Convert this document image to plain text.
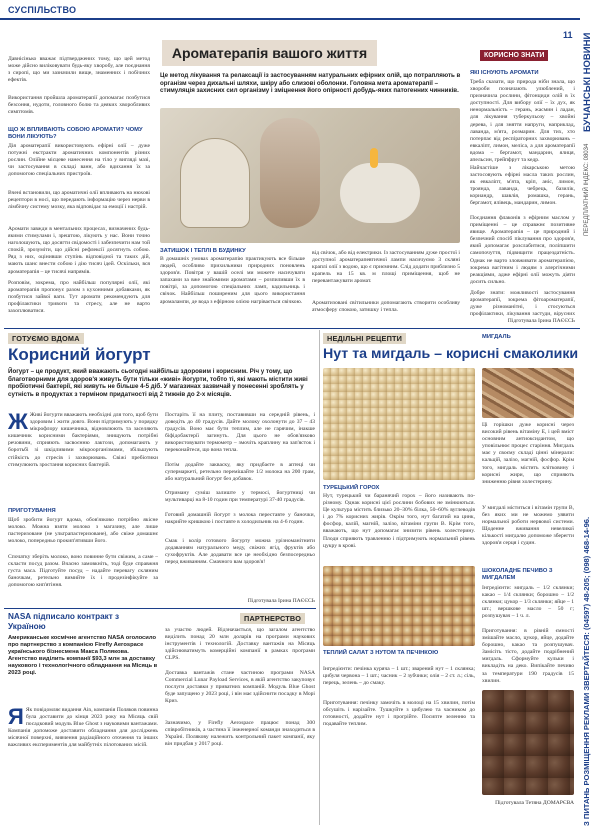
СУСПІЛЬСТВО
11
КОРИСНО ЗНАТИ
Ароматерапія вашого життя
Це метод лікування та релаксації із застосуванням натуральних ефірних олій, що потрапляють в організм через дихальні шляхи, шкіру або слизові оболонки. Головна мета ароматерапії – стимуляція захисних сил організму і зміцнення його опірності добудь-яких патогенних чинників.
Давнісінько вважає підтверджених тому, що цей метод може дійсно виліковувати будь-яку хворобу, але поєднання з сиропі, що ми зазначили вище, знаменних і побічних ефектів.
Використання пройшла ароматерапії допомагає позбутися безсоння, нудоти, головного болю та деяких хворобливих симптомів.
ЩО Ж ВПЛИВАЮТЬ СОБОЮ АРОМАТИ? ЧОМУ ВОНИ ЛІКУЮТЬ?
Дія ароматерапії використовують ефірні олії – дуже потужні екстракти ароматичних компонентів різних рослин. Олійне місцеве нанесення на тіло у вигляді мазі, чи застосування в складі ванн, або вдихання їх за допомогою спеціальних пристроїв.
Вчені встановили, що ароматичні олії впливають на нюхові рецептори в носі, що передають інформацію через нерви в лімбічну систему мозку, яка відповідає за емоції і настрій.
Аромати завжди в ментальних процесах, визначених будь-якими стимулами і, зрештою, лікують у нас. Вони точно наголошують, що досягти свідомості і забезпечити нам той спокій, зрозуміти, що дійсні рефлексії досягнуть собою. Ряд з них, оцінивши ступінь відповідної та таких дій, мають шанс внести собою і дію тисяч ідей. Оскільки, вся ароматерапія – це тисячі напрямів.
Розповім, зокрема, про найбільш популярні олії, які ароматерапія пропонує разом з кухонними добавками, як позбутися зайвої ваги. Тут аромати рекомендують для профілактики тривоги та стресу, але не варто захоплюватися.
ЗАТИШОК І ТЕПЛІ В БУДИНКУ
В домашніх умовах ароматерапію практикують все більше людей, особливо прихильники природних поновлень здоров'я. Повітря у вашій оселі ми можете насичувати запахами за вже знайомими ароматами – розпиливши їх в повітрі, за допомогою спеціальних ламп, кадильниць і свічок. Найбільш поширеним для цього використання аромалампи, де вода з ефірною олією нагрівається свічкою.
від свічок, або від електрики. Із застосуванням дуже простої і доступної ароматерапевтичної лампи насичуємо 3 скляні краплі олії з водою, що є приємним. Слід додати приблизно 5 крапель на 15 кв. м площі приміщення, щоб не перевантажувати аромат.
Ароматизовані світильники допомагають створити особливу атмосферу спокою, затишку і тепла.
ЯКІ ІСНУЮТЬ АРОМАТИ
Треба сказати, що природа ніби знала, що хвороби позначають улюблений, і призначила рослини, фітонциди олій в їх доступності. Для вибору олії – їх дух, як ненормальність – герань, жасмин і ладан, для лікування туберкульозу – хвойні дерева, і для зняття напруги, наприклад, лаванда, м'ята, розмарин. Для тих, хто потерпає від респіраторних захворювань – евкаліпт, лимон, меліса, а для ароматерапії вдома – бергамот, мандарин, ялиця, апельсин, грейпфрут та кедр.
Найчастіше з лікарською метою застосовують ефірні масла таких рослин, як евкаліпт, м'ята, кріп, аніс, лимон, троянда, лаванда, чебрець, базилік, кориандр, шавлія, ромашка, герань, бергамот, ялівець, мандарин, лимон.
Поєднання флаконів з ефірним маслом у приміщенні – це справжнє позитивне явище. Ароматерапія – це природний і безпечний спосіб піклування про здоров'я, який допомагає розслабитися, поліпшити самопочуття, підвищити працездатність. Однак не варто зловживати ароматерапією, зокрема вагітним і людям з алергічними реакціями, адже ефірні олії можуть діяти досить сильно.
Добре знати: можливості застосування ароматерапії, зокрема фітоароматерапії, дуже різноманітні, і стосуються профілактики, лікування застуди, вірусних
Підготувала Ірина ПАЄЄСЬ
ГОТУЄМО ВДОМА
Корисний йогурт
Йогурт – це продукт, який вважають сьогодні найбільш здоровим і корисним. Річ у тому, що благотворними для здоров'я живуть бути тільки «живі» йогурти, тобто ті, які мають містити живі пробіотичні бактерії, які живуть не більше 4-5 діб. У магазинах зазвичай у понесенні зроблять у сутність в продуктах з терміном придатності від 2 тижнів до 2-х місяців.
Ж Живі йогурти вважають необхідні для того, щоб бути здоровим і жити довго. Вони підтримують у порядку мікрофлору кишечника, відновлюють та заселяють кишечник корисними бактеріями, знищують потрібні речовини, сприяють засвоєнню лактози, допомагають у боротьбі зі шкідливими мікроорганізмами, збільшують стійкість до стресів і захворювань. Свіжі пребіотики стимулюють зростання корисних бактерій.
ПРИГОТУВАННЯ
Щоб зробити йогурт вдома, обов'язково потрібно якісне молоко. Можна взяти молоко з магазину, але лише пастеризоване (не ультрапастеризоване), або свіже домашнє молоко, попередньо прокип'ятивши його.
Спочатку зберіть молоко, воно повинне бути свіжим, а саме – скласти посуд разом. Вчасно замовкніть, тоді буде справжня густа маса. Підготуйте посуд – надайте перевагу скляним баночкам, ретельно вимийте їх і продезінфікуйте за допомогою кип'ятіння.
Постаріть її на плиту, поставивши на середній рівень, і доведіть до 40 градусів. Дайте молоку охолонути до 37 – 43 градусів. Воно має бути теплим, але не гарячим, інакше біфідобактерії загинуть. Для цього не обов'язково використовувати термометр – змочіть краплину на зап'ясток і переконайтеся, що вона тепла.
Потім додайте закваску, яку придбаєте в аптеці чи супермаркеті, ретельно перемішайте 1/2 молока на 200 грам, або натуральний йогурт без добавок.
Отриману суміш залиште у термосі, йогуртниці чи мультиварці на 8-10 годин при температурі 37-40 градусів.
Готовий домашній йогурт з молока переставте у баночки, накрийте кришкою і поставте в холодильник на 4-6 годин.
Смак і колір готового йогурту можна урізноманітнити додаванням натурального меду, свіжих ягід, фруктів або сухофруктів. Але додавати все це необхідно безпосередньо перед вживанням. Смачного вам здоров'я!
Підготувала Ірина ПАЄЄСЬ
NASA підписало контракт з Україною
ПАРТНЕРСТВО
Американське космічне агентство NASA оголосило про партнерство з компанією Firefly Aerospace українського бізнесмена Макса Полякова. Агентство виділить компанії $93,3 млн за доставку наукового і технологічного обладнання на Місяць в 2023 році.
Я Як повідомляє видання Ain, компанія Поляков повинна була доставити до кінця 2023 року на Місяць свій посадковий модуль Blue Ghost з науковими вантажами. Компанія допоможе доставити обладнання для досліджень місячної поверхні, вивчення радіаційного оточення та інших важливих експериментів для майбутніх пілотованих місій.
за участю людей. Відзначається, що загалом агентство виділить понад 20 млн доларів на програми наукових інструментів і технологій. Доставку вантажів на Місяць здійснюватимуть комерційні компанії в рамках програми CLPS.
Доставка вантажів стане частиною програми NASA Commercial Lunar Payload Services, в якій агентство закуповує послуги доставки у приватних компаній. Модуль Blue Ghost буде запущено у 2023 році, і він має здійснити посадку в Морі Криз.
Зазначимо, у Firefly Aerospace працює понад 300 співробітників, а частина її інженерної команди знаходиться в Україні. Полякову належить контрольний пакет компанії, яку він придбав у 2017 році.
НЕДІЛЬНІ РЕЦЕПТИ
Нут та мигдаль – корисні смаколики
ТУРЕЦЬКИЙ ГОРОХ
Нут, турецький чи баранячий горох – його називають по-різному. Однак корисні цієї рослини бобових не змінюються. Це культура містить близько 20–30% білка, 50–60% вуглеводів і до 7% корисних жирів. Окрім того, нут багатий на цинк, фосфор, калій, магній, залізо, вітаміни групи B. Крім того, вважають, що нут допомагає знизити рівень холестерину. Плоди сприяють травленню і підтримують нормальний рівень цукру в крові.
ТЕПЛИЙ САЛАТ З НУТОМ ТА ПЕЧІНКОЮ
Інгредієнти: печінка куряча – 1 шт.; зварений нут – 1 склянка; цибуля червона – 1 шт.; часник – 2 зубчики; олія – 2 ст. л.; сіль, перець, зелень – до смаку.
Приготування: печінку замочіть в молоці на 15 хвилин, потім обсушіть і нарізайте. Тушкуйте з цибулею та часником до готовності, додайте нут і прогрійте. Посипте зеленню та подавайте теплим.
МИГДАЛЬ
Ці горішки дуже корисні через високий рівень вітаміну E, і цей вміст основним антиоксидантом, що уповільнює процес старіння. Мигдаль має у своєму складі цінні мінерали: кальцій, залізо, магній, фосфор. Крім того, мигдаль містить клітковину і корисні жири, що сприяють зниженню рівня холестерину.
У мигдалі міститься і вітамін групи B, без яких ми не можемо уявити нормальної роботи нервової системи. Щоденне вживання невеликої кількості мигдалю допоможе зберегти здоров'я серця і судин.
ШОКОЛАДНЕ ПЕЧИВО З МИГДАЛЕМ
Інгредієнти: мигдаль – 1/2 склянки; какао – 1/4 склянки; борошно – 1/2 склянки; цукор – 1/3 склянки; яйце – 1 шт.; вершкове масло – 50 г; розпушувач – 1 ч. л.
Приготування: в рівній ємності змішайте масло, цукор, яйце, додайте борошно, какао та розпушувач. Замісіть тісто, додайте подрібнений мигдаль. Сформуйте кульки і викладіть на деко. Випікайте печиво за температури 190 градусів 15 хвилин.
Підготувала Тетяна ДОМАРЄВА
БУЧАНСЬКІ НОВИНИ
ПЕРЕДПЛАТНИЙ ІНДЕКС: 08034
З ПИТАНЬ РОЗМІЩЕННЯ РЕКЛАМИ ЗВЕРТАЙТЕСЯ: (04597) 48-205; (098) 468-14-96.
